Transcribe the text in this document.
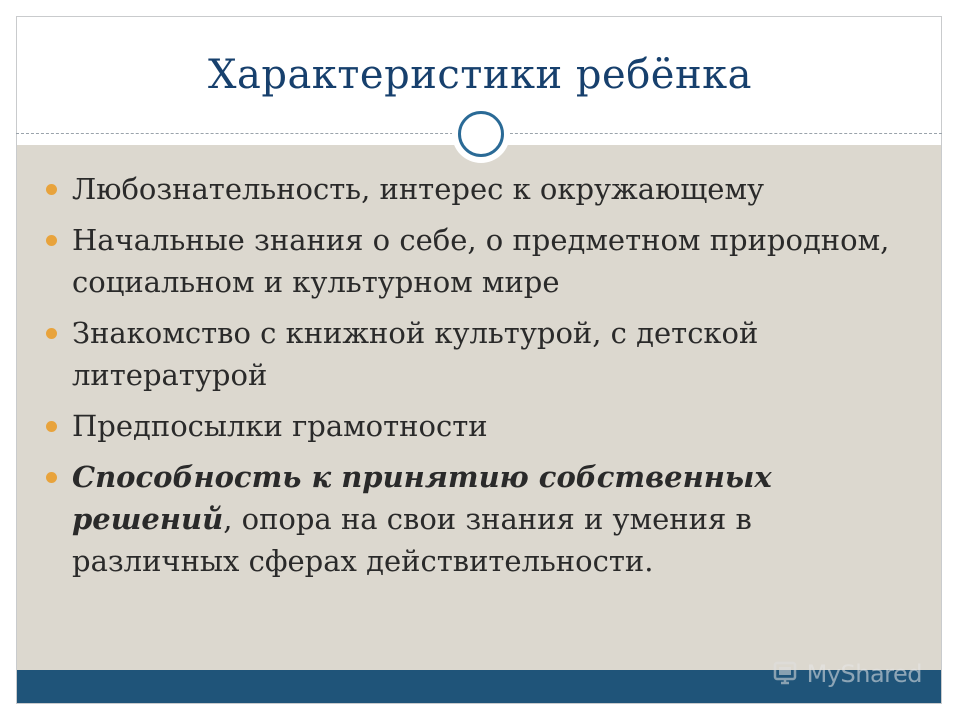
Характеристики ребёнка
Любознательность, интерес к окружающему
Начальные знания о себе, о предметном природном, социальном и культурном мире
Знакомство с книжной культурой, с детской литературой
Предпосылки грамотности
Способность к принятию собственных решений, опора на свои знания и умения в различных сферах действительности.
MyShared
